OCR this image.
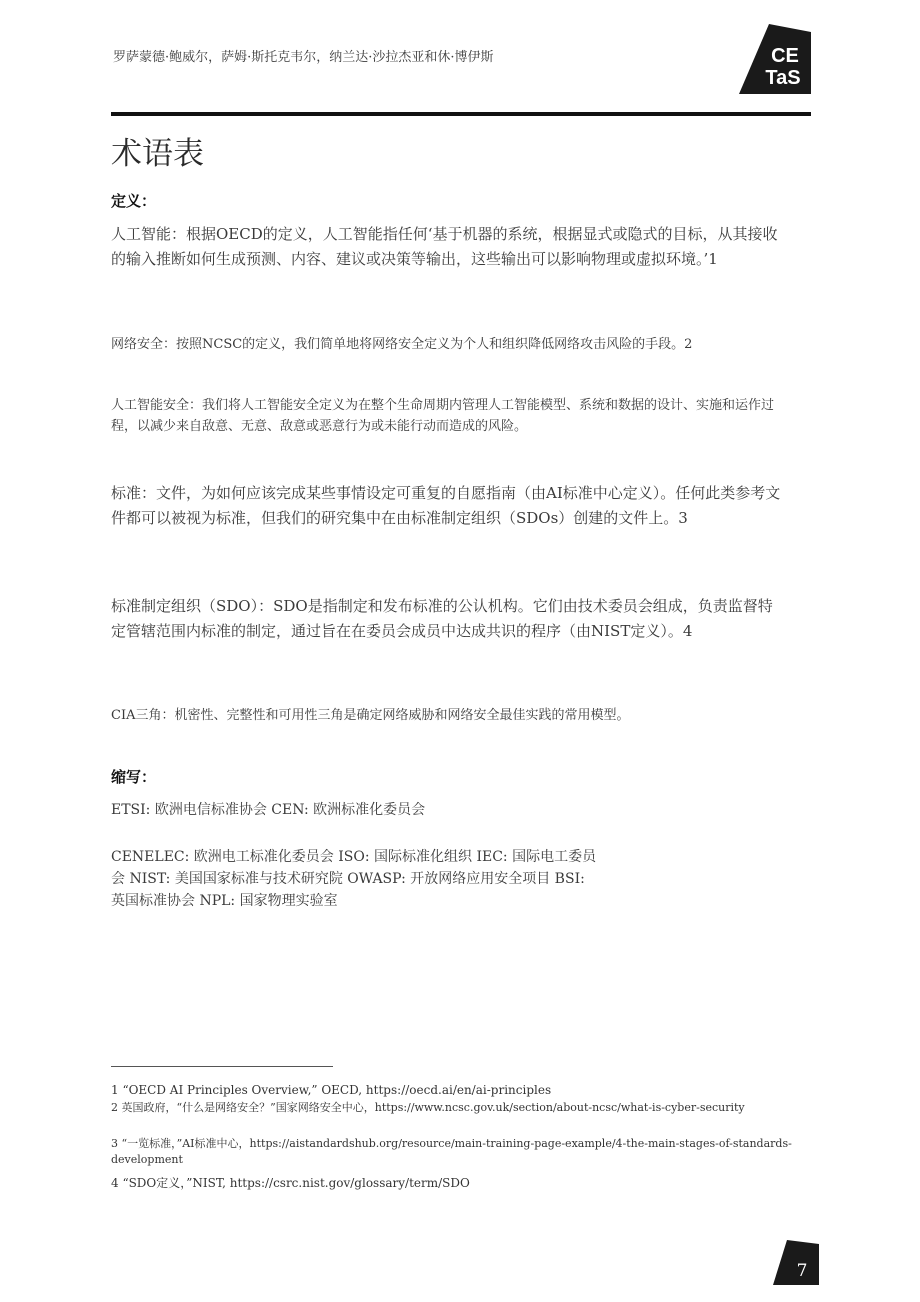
罗萨蒙德·鲍威尔，萨姆·斯托克韦尔，纳兰达·沙拉杰亚和休·博伊斯	CE
TaS
术语表
定义：
人工智能：根据OECD的定义，人工智能指任何‘基于机器的系统，根据显式或隐式的目标，从其接收的输入推断如何生成预测、内容、建议或决策等输出，这些输出可以影响物理或虚拟环境。’1
网络安全：按照NCSC的定义，我们简单地将网络安全定义为个人和组织降低网络攻击风险的手段。2
人工智能安全：我们将人工智能安全定义为在整个生命周期内管理人工智能模型、系统和数据的设计、实施和运作过程，以减少来自敌意、无意、敌意或恶意行为或未能行动而造成的风险。
标准：文件，为如何应该完成某些事情设定可重复的自愿指南（由AI标准中心定义）。任何此类参考文件都可以被视为标准，但我们的研究集中在由标准制定组织（SDOs）创建的文件上。3
标准制定组织（SDO）：SDO是指制定和发布标准的公认机构。它们由技术委员会组成，负责监督特定管辖范围内标准的制定，通过旨在在委员会成员中达成共识的程序（由NIST定义）。4
CIA三角：机密性、完整性和可用性三角是确定网络威胁和网络安全最佳实践的常用模型。
缩写：
ETSI: 欧洲电信标准协会 CEN: 欧洲标准化委员会
CENELEC: 欧洲电工标准化委员会 ISO: 国际标准化组织 IEC: 国际电工委员会 NIST: 美国国家标准与技术研究院 OWASP: 开放网络应用安全项目 BSI: 英国标准协会 NPL: 国家物理实验室
1 “OECD AI Principles Overview,” OECD, https://oecd.ai/en/ai-principles
2 英国政府，“什么是网络安全？”国家网络安全中心，https://www.ncsc.gov.uk/section/about-ncsc/what-is-cyber-security
3 “一览标准，”AI标准中心，https://aistandardshub.org/resource/main-training-page-example/4-the-main-stages-of-standards-development
4 “SDO定义，”NIST, https://csrc.nist.gov/glossary/term/SDO
7
